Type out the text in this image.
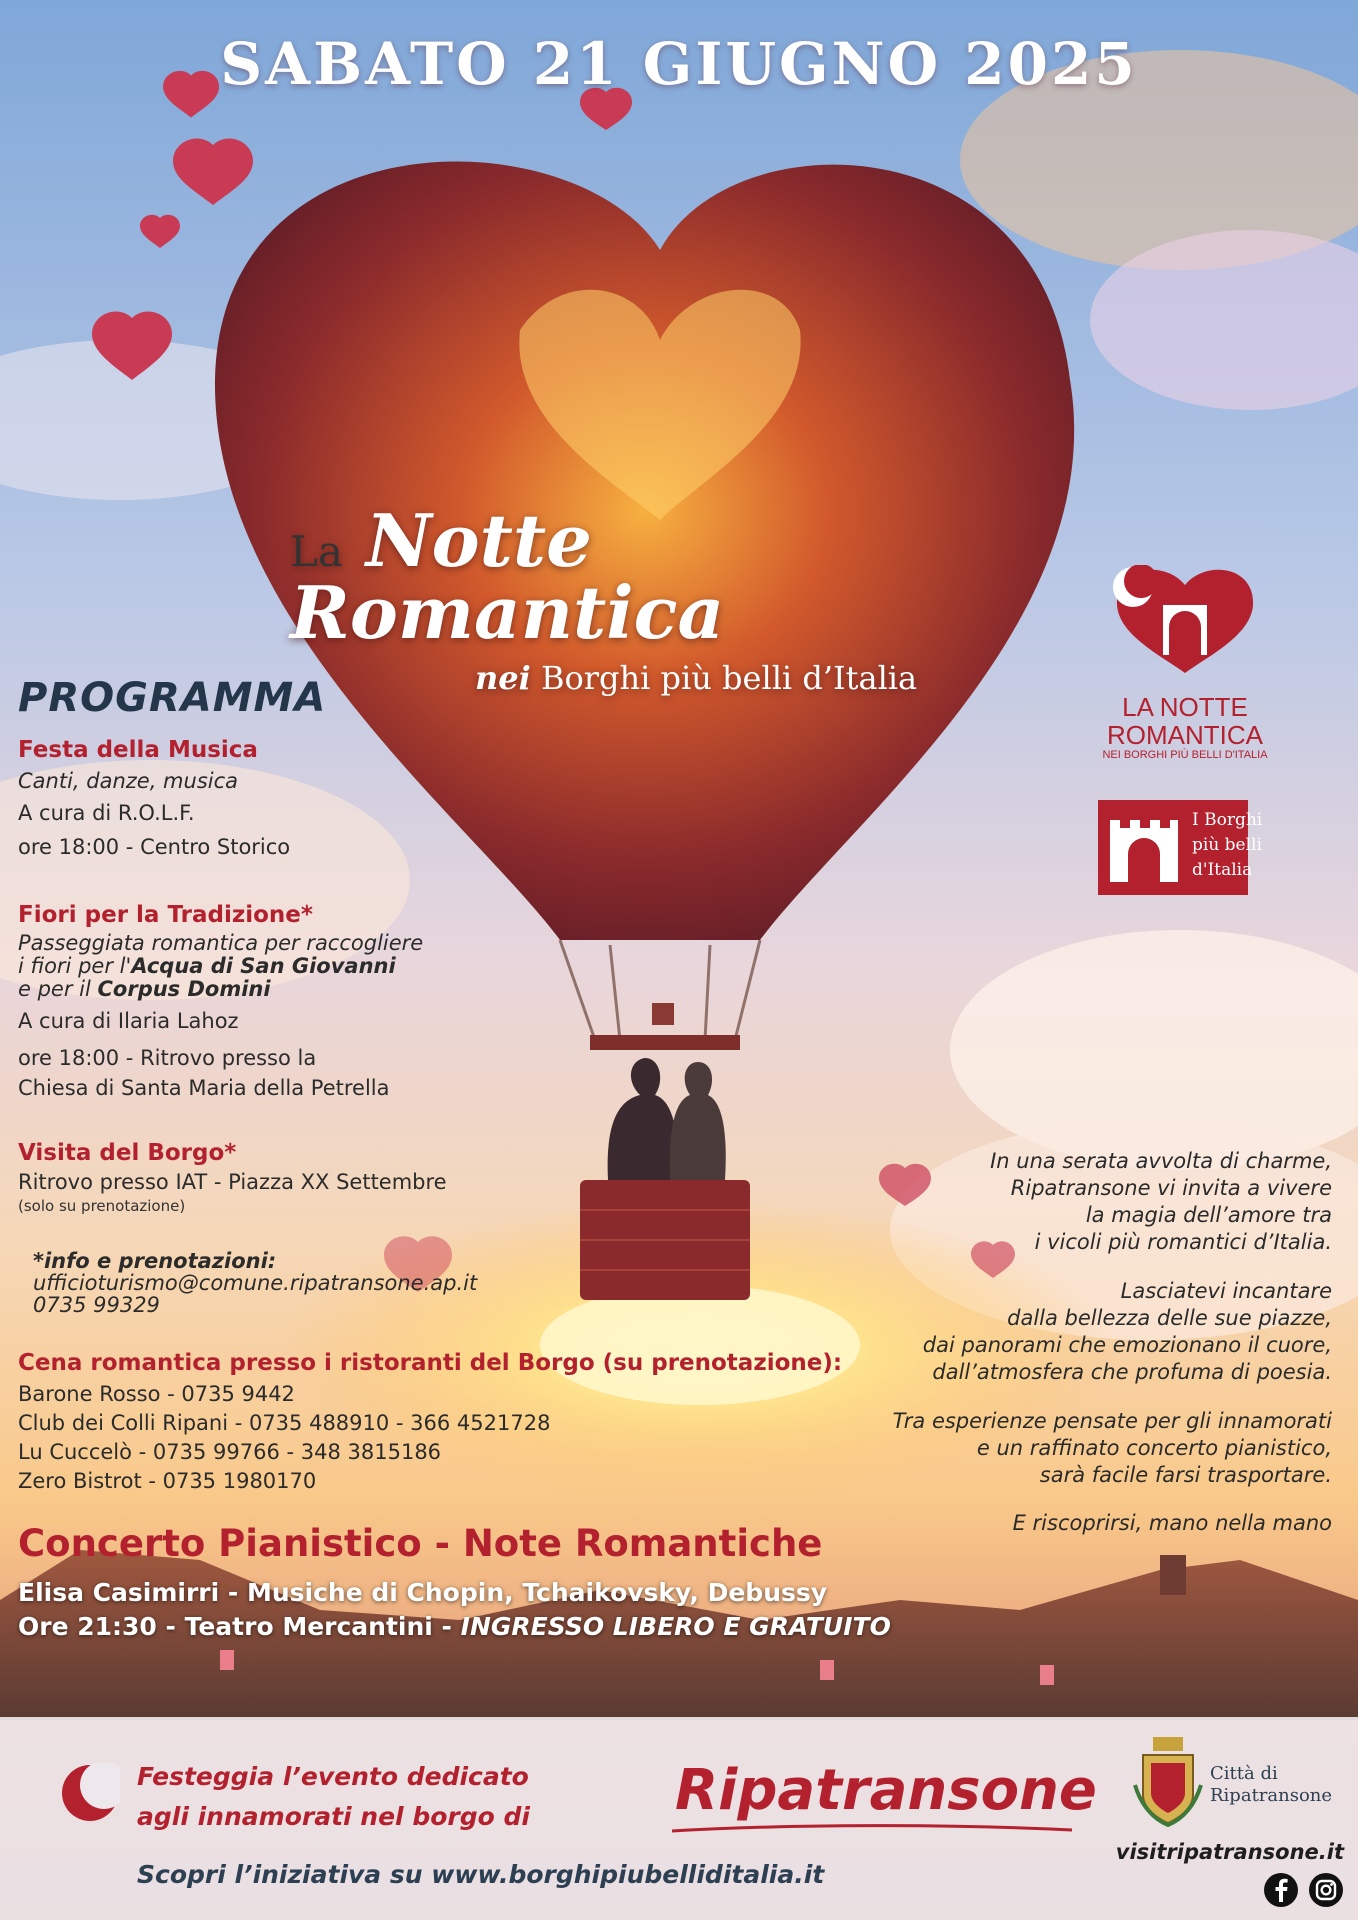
SABATO 21 GIUGNO 2025
La Notte Romantica
nei Borghi più belli d’Italia
LA NOTTE
ROMANTICA
NEI BORGHI PIÙ BELLI D'ITALIA
I Borghi
più belli
d'Italia
PROGRAMMA
Festa della Musica
Canti, danze, musica
A cura di R.O.L.F.
ore 18:00 - Centro Storico
Fiori per la Tradizione*
Passeggiata romantica per raccogliere
i fiori per l'Acqua di San Giovanni
e per il Corpus Domini
A cura di Ilaria Lahoz
ore 18:00 - Ritrovo presso la
Chiesa di Santa Maria della Petrella
Visita del Borgo*
Ritrovo presso IAT - Piazza XX Settembre
(solo su prenotazione)
*info e prenotazioni:
ufficioturismo@comune.ripatransone.ap.it
0735 99329
Cena romantica presso i ristoranti del Borgo (su prenotazione):
Barone Rosso - 0735 9442
Club dei Colli Ripani - 0735 488910 - 366 4521728
Lu Cuccelò - 0735 99766 - 348 3815186
Zero Bistrot - 0735 1980170
Concerto Pianistico - Note Romantiche
Elisa Casimirri - Musiche di Chopin, Tchaikovsky, Debussy
Ore 21:30 - Teatro Mercantini - INGRESSO LIBERO E GRATUITO
In una serata avvolta di charme,
Ripatransone vi invita a vivere
la magia dell’amore tra
i vicoli più romantici d’Italia.
Lasciatevi incantare
dalla bellezza delle sue piazze,
dai panorami che emozionano il cuore,
dall’atmosfera che profuma di poesia.
Tra esperienze pensate per gli innamorati
e un raffinato concerto pianistico,
sarà facile farsi trasportare.
E riscoprirsi, mano nella mano
Festeggia l’evento dedicato
agli innamorati nel borgo di	Ripatransone
Scopri l’iniziativa su www.borghipiubelliditalia.it
Città di
Ripatransone
visitripatransone.it
